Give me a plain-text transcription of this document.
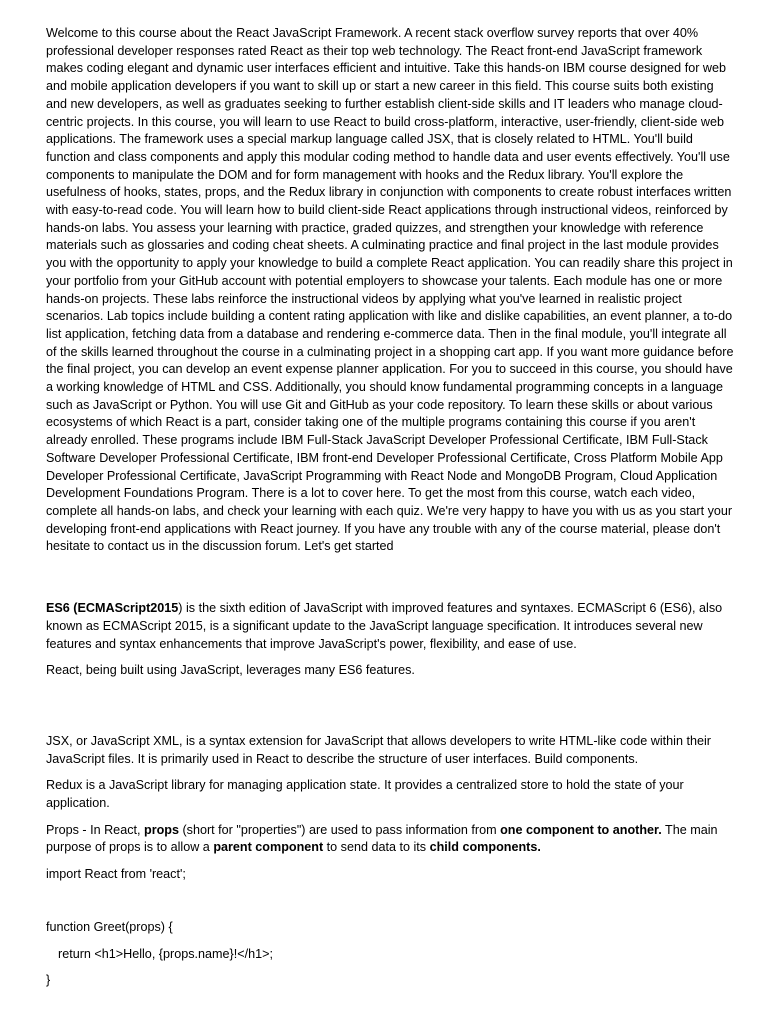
Welcome to this course about the React JavaScript Framework. A recent stack overflow survey reports that over 40% professional developer responses rated React as their top web technology. The React front-end JavaScript framework makes coding elegant and dynamic user interfaces efficient and intuitive. Take this hands-on IBM course designed for web and mobile application developers if you want to skill up or start a new career in this field. This course suits both existing and new developers, as well as graduates seeking to further establish client-side skills and IT leaders who manage cloud-centric projects. In this course, you will learn to use React to build cross-platform, interactive, user-friendly, client-side web applications. The framework uses a special markup language called JSX, that is closely related to HTML. You'll build function and class components and apply this modular coding method to handle data and user events effectively. You'll use components to manipulate the DOM and for form management with hooks and the Redux library. You'll explore the usefulness of hooks, states, props, and the Redux library in conjunction with components to create robust interfaces written with easy-to-read code. You will learn how to build client-side React applications through instructional videos, reinforced by hands-on labs. You assess your learning with practice, graded quizzes, and strengthen your knowledge with reference materials such as glossaries and coding cheat sheets. A culminating practice and final project in the last module provides you with the opportunity to apply your knowledge to build a complete React application. You can readily share this project in your portfolio from your GitHub account with potential employers to showcase your talents. Each module has one or more hands-on projects. These labs reinforce the instructional videos by applying what you've learned in realistic project scenarios. Lab topics include building a content rating application with like and dislike capabilities, an event planner, a to-do list application, fetching data from a database and rendering e-commerce data. Then in the final module, you'll integrate all of the skills learned throughout the course in a culminating project in a shopping cart app. If you want more guidance before the final project, you can develop an event expense planner application. For you to succeed in this course, you should have a working knowledge of HTML and CSS. Additionally, you should know fundamental programming concepts in a language such as JavaScript or Python. You will use Git and GitHub as your code repository. To learn these skills or about various ecosystems of which React is a part, consider taking one of the multiple programs containing this course if you aren't already enrolled. These programs include IBM Full-Stack JavaScript Developer Professional Certificate, IBM Full-Stack Software Developer Professional Certificate, IBM front-end Developer Professional Certificate, Cross Platform Mobile App Developer Professional Certificate, JavaScript Programming with React Node and MongoDB Program, Cloud Application Development Foundations Program. There is a lot to cover here. To get the most from this course, watch each video, complete all hands-on labs, and check your learning with each quiz. We're very happy to have you with us as you start your developing front-end applications with React journey. If you have any trouble with any of the course material, please don't hesitate to contact us in the discussion forum. Let's get started

ES6 (ECMAScript2015) is the sixth edition of JavaScript with improved features and syntaxes. ECMAScript 6 (ES6), also known as ECMAScript 2015, is a significant update to the JavaScript language specification. It introduces several new features and syntax enhancements that improve JavaScript's power, flexibility, and ease of use.

React, being built using JavaScript, leverages many ES6 features.

JSX, or JavaScript XML, is a syntax extension for JavaScript that allows developers to write HTML-like code within their JavaScript files. It is primarily used in React to describe the structure of user interfaces. Build components.

Redux is a JavaScript library for managing application state. It provides a centralized store to hold the state of your application.

Props - In React, props (short for "properties") are used to pass information from one component to another. The main purpose of props is to allow a parent component to send data to its child components.

import React from 'react';

function Greet(props) {

return <h1>Hello, {props.name}!</h1>;

}
